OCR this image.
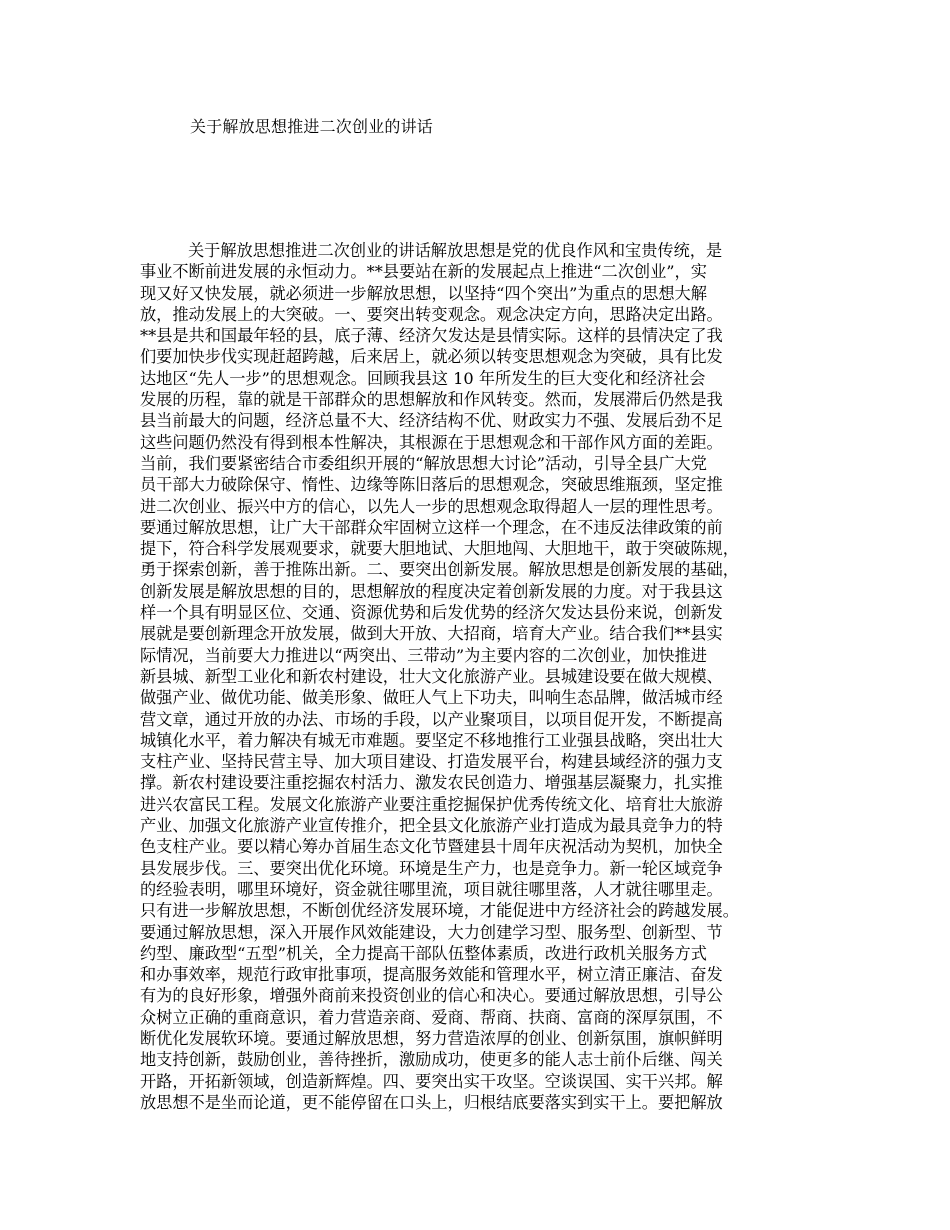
关于解放思想推进二次创业的讲话
关于解放思想推进二次创业的讲话解放思想是党的优良作风和宝贵传统，是
事业不断前进发展的永恒动力。**县要站在新的发展起点上推进“二次创业”，实
现又好又快发展，就必须进一步解放思想，以坚持“四个突出”为重点的思想大解
放，推动发展上的大突破。一、要突出转变观念。观念决定方向，思路决定出路。
**县是共和国最年轻的县，底子薄、经济欠发达是县情实际。这样的县情决定了我
们要加快步伐实现赶超跨越，后来居上，就必须以转变思想观念为突破，具有比发
达地区“先人一步”的思想观念。回顾我县这 10 年所发生的巨大变化和经济社会
发展的历程，靠的就是干部群众的思想解放和作风转变。然而，发展滞后仍然是我
县当前最大的问题，经济总量不大、经济结构不优、财政实力不强、发展后劲不足
这些问题仍然没有得到根本性解决，其根源在于思想观念和干部作风方面的差距。
当前，我们要紧密结合市委组织开展的“解放思想大讨论”活动，引导全县广大党
员干部大力破除保守、惰性、边缘等陈旧落后的思想观念，突破思维瓶颈，坚定推
进二次创业、振兴中方的信心，以先人一步的思想观念取得超人一层的理性思考。
要通过解放思想，让广大干部群众牢固树立这样一个理念，在不违反法律政策的前
提下，符合科学发展观要求，就要大胆地试、大胆地闯、大胆地干，敢于突破陈规，
勇于探索创新，善于推陈出新。二、要突出创新发展。解放思想是创新发展的基础，
创新发展是解放思想的目的，思想解放的程度决定着创新发展的力度。对于我县这
样一个具有明显区位、交通、资源优势和后发优势的经济欠发达县份来说，创新发
展就是要创新理念开放发展，做到大开放、大招商，培育大产业。结合我们**县实
际情况，当前要大力推进以“两突出、三带动”为主要内容的二次创业，加快推进
新县城、新型工业化和新农村建设，壮大文化旅游产业。县城建设要在做大规模、
做强产业、做优功能、做美形象、做旺人气上下功夫，叫响生态品牌，做活城市经
营文章，通过开放的办法、市场的手段，以产业聚项目，以项目促开发，不断提高
城镇化水平，着力解决有城无市难题。要坚定不移地推行工业强县战略，突出壮大
支柱产业、坚持民营主导、加大项目建设、打造发展平台，构建县域经济的强力支
撑。新农村建设要注重挖掘农村活力、激发农民创造力、增强基层凝聚力，扎实推
进兴农富民工程。发展文化旅游产业要注重挖掘保护优秀传统文化、培育壮大旅游
产业、加强文化旅游产业宣传推介，把全县文化旅游产业打造成为最具竞争力的特
色支柱产业。要以精心筹办首届生态文化节暨建县十周年庆祝活动为契机，加快全
县发展步伐。三、要突出优化环境。环境是生产力，也是竞争力。新一轮区域竞争
的经验表明，哪里环境好，资金就往哪里流，项目就往哪里落，人才就往哪里走。
只有进一步解放思想，不断创优经济发展环境，才能促进中方经济社会的跨越发展。
要通过解放思想，深入开展作风效能建设，大力创建学习型、服务型、创新型、节
约型、廉政型“五型”机关，全力提高干部队伍整体素质，改进行政机关服务方式
和办事效率，规范行政审批事项，提高服务效能和管理水平，树立清正廉洁、奋发
有为的良好形象，增强外商前来投资创业的信心和决心。要通过解放思想，引导公
众树立正确的重商意识，着力营造亲商、爱商、帮商、扶商、富商的深厚氛围，不
断优化发展软环境。要通过解放思想，努力营造浓厚的创业、创新氛围，旗帜鲜明
地支持创新，鼓励创业，善待挫折，激励成功，使更多的能人志士前仆后继、闯关
开路，开拓新领域，创造新辉煌。四、要突出实干攻坚。空谈误国、实干兴邦。解
放思想不是坐而论道，更不能停留在口头上，归根结底要落实到实干上。要把解放
